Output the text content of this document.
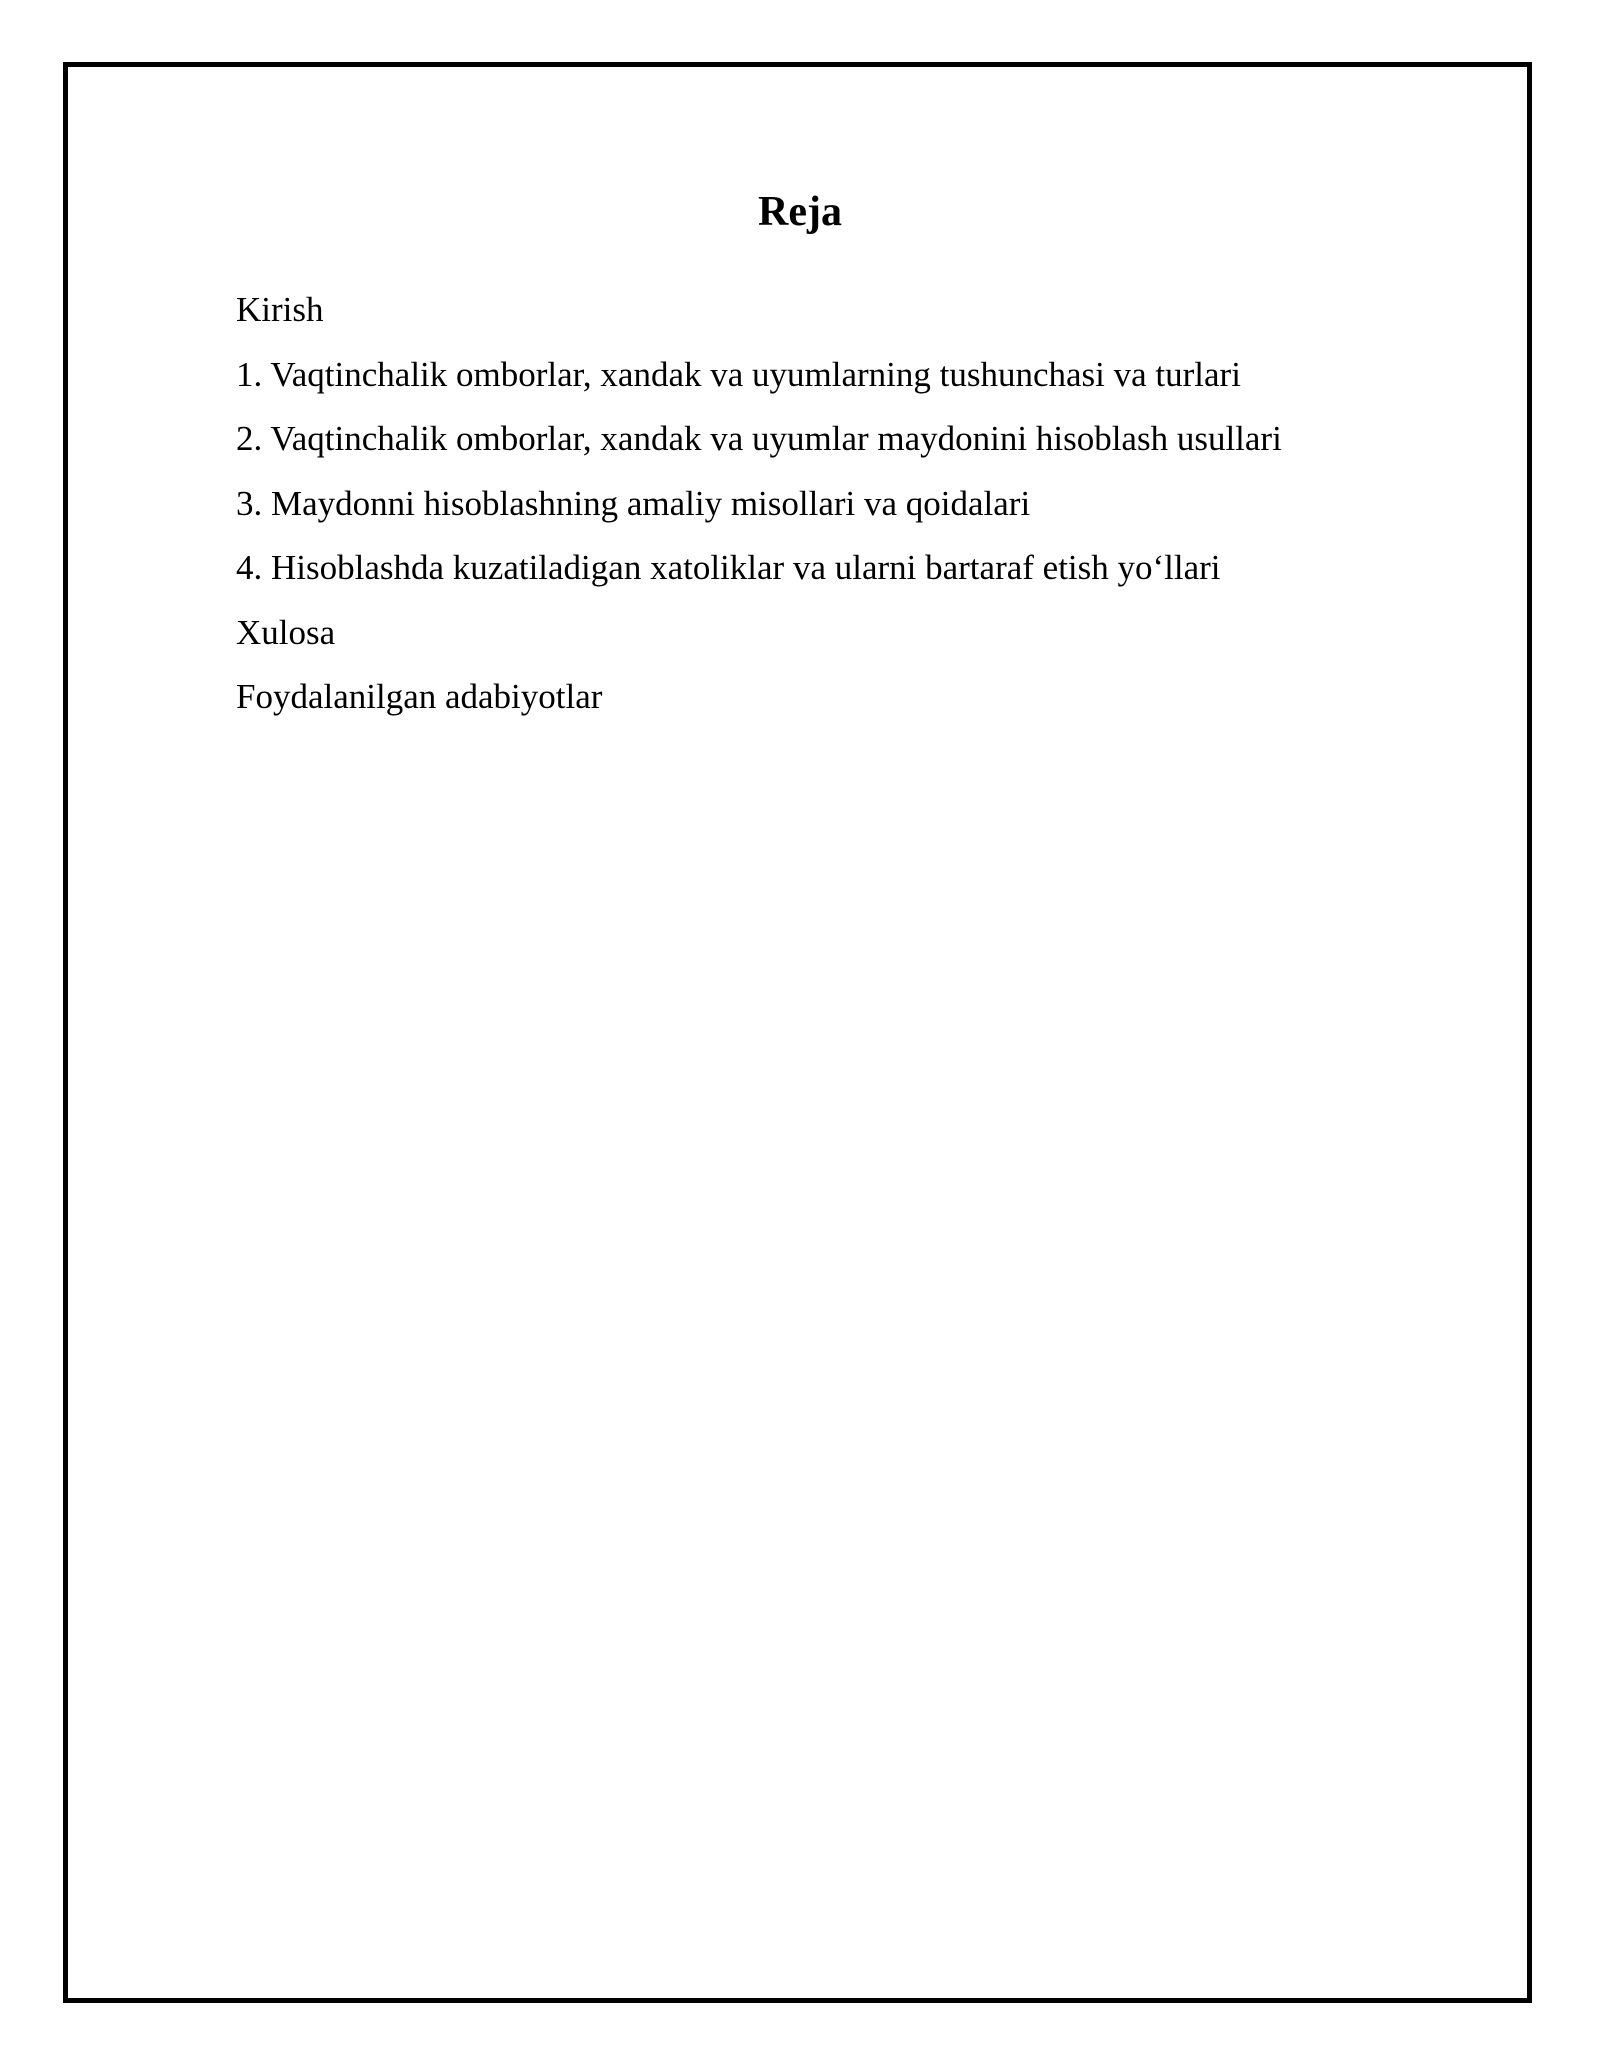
Reja
Kirish
1. Vaqtinchalik omborlar, xandak va uyumlarning tushunchasi va turlari
2. Vaqtinchalik omborlar, xandak va uyumlar maydonini hisoblash usullari
3. Maydonni hisoblashning amaliy misollari va qoidalari
4. Hisoblashda kuzatiladigan xatoliklar va ularni bartaraf etish yo‘llari
Xulosa
Foydalanilgan adabiyotlar
